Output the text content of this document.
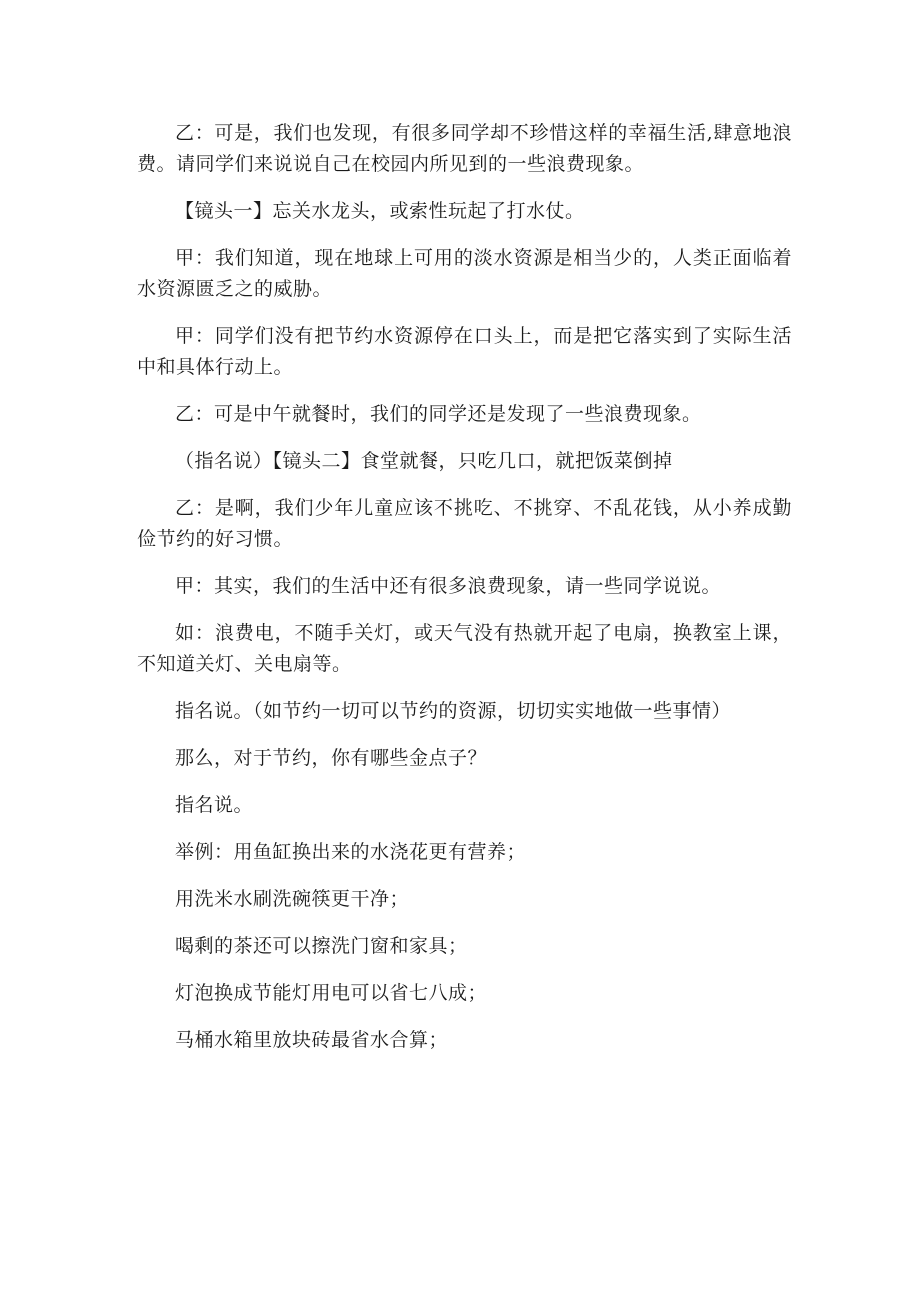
乙：可是，我们也发现，有很多同学却不珍惜这样的幸福生活,肆意地浪费。请同学们来说说自己在校园内所见到的一些浪费现象。

【镜头一】忘关水龙头，或索性玩起了打水仗。

甲：我们知道，现在地球上可用的淡水资源是相当少的，人类正面临着水资源匮乏之的威胁。

甲：同学们没有把节约水资源停在口头上，而是把它落实到了实际生活中和具体行动上。

乙：可是中午就餐时，我们的同学还是发现了一些浪费现象。

（指名说）【镜头二】食堂就餐，只吃几口，就把饭菜倒掉

乙：是啊，我们少年儿童应该不挑吃、不挑穿、不乱花钱，从小养成勤俭节约的好习惯。

甲：其实，我们的生活中还有很多浪费现象，请一些同学说说。

如：浪费电，不随手关灯，或天气没有热就开起了电扇，换教室上课，不知道关灯、关电扇等。

指名说。（如节约一切可以节约的资源，切切实实地做一些事情）

那么，对于节约，你有哪些金点子？

指名说。

举例：用鱼缸换出来的水浇花更有营养；

用洗米水刷洗碗筷更干净；

喝剩的茶还可以擦洗门窗和家具；

灯泡换成节能灯用电可以省七八成；

马桶水箱里放块砖最省水合算；
